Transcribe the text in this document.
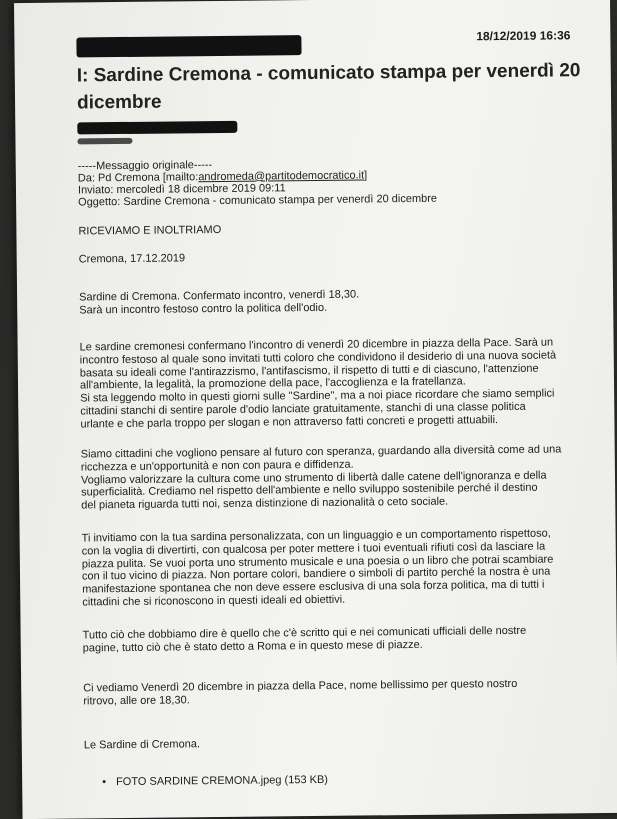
18/12/2019 16:36
I: Sardine Cremona - comunicato stampa per venerdì 20 dicembre
-----Messaggio originale-----
Da: Pd Cremona [mailto:andromeda@partitodemocratico.it]
Inviato: mercoledì 18 dicembre 2019 09:11
Oggetto: Sardine Cremona - comunicato stampa per venerdì 20 dicembre
RICEVIAMO E INOLTRIAMO
Cremona, 17.12.2019
Sardine di Cremona. Confermato incontro, venerdì 18,30.
Sarà un incontro festoso contro la politica dell'odio.
Le sardine cremonesi confermano l'incontro di venerdì 20 dicembre in piazza della Pace. Sarà un
incontro festoso al quale sono invitati tutti coloro che condividono il desiderio di una nuova società
basata su ideali come l'antirazzismo, l'antifascismo, il rispetto di tutti e di ciascuno, l'attenzione
all'ambiente, la legalità, la promozione della pace, l'accoglienza e la fratellanza.
Si sta leggendo molto in questi giorni sulle "Sardine", ma a noi piace ricordare che siamo semplici
cittadini stanchi di sentire parole d'odio lanciate gratuitamente, stanchi di una classe politica
urlante e che parla troppo per slogan e non attraverso fatti concreti e progetti attuabili.
Siamo cittadini che vogliono pensare al futuro con speranza, guardando alla diversità come ad una
ricchezza e un'opportunità e non con paura e diffidenza.
Vogliamo valorizzare la cultura come uno strumento di libertà dalle catene dell'ignoranza e della
superficialità. Crediamo nel rispetto dell'ambiente e nello sviluppo sostenibile perché il destino
del pianeta riguarda tutti noi, senza distinzione di nazionalità o ceto sociale.
Ti invitiamo con la tua sardina personalizzata, con un linguaggio e un comportamento rispettoso,
con la voglia di divertirti, con qualcosa per poter mettere i tuoi eventuali rifiuti così da lasciare la
piazza pulita. Se vuoi porta uno strumento musicale e una poesia o un libro che potrai scambiare
con il tuo vicino di piazza. Non portare colori, bandiere o simboli di partito perché la nostra è una
manifestazione spontanea che non deve essere esclusiva di una sola forza politica, ma di tutti i
cittadini che si riconoscono in questi ideali ed obiettivi.
Tutto ciò che dobbiamo dire è quello che c'è scritto qui e nei comunicati ufficiali delle nostre
pagine, tutto ciò che è stato detto a Roma e in questo mese di piazze.
Ci vediamo Venerdì 20 dicembre in piazza della Pace, nome bellissimo per questo nostro
ritrovo, alle ore 18,30.
Le Sardine di Cremona.
• FOTO SARDINE CREMONA.jpeg (153 KB)
